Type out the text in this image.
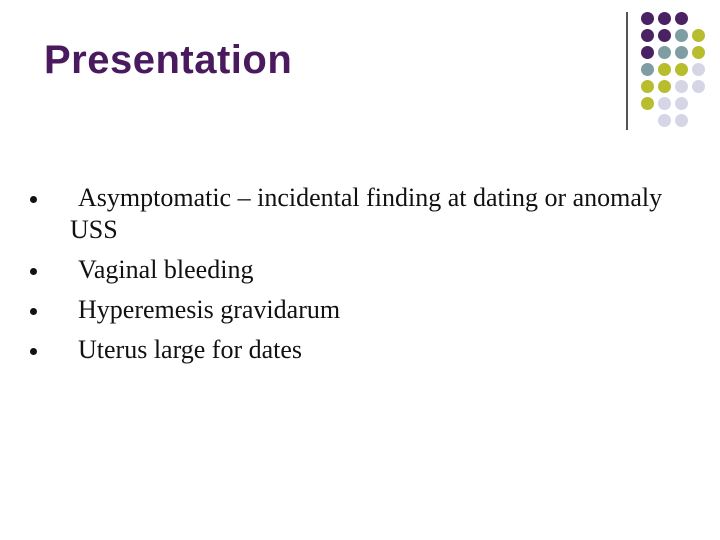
Presentation
Asymptomatic – incidental finding at dating or anomaly USS
Vaginal bleeding
Hyperemesis gravidarum
Uterus large for dates
